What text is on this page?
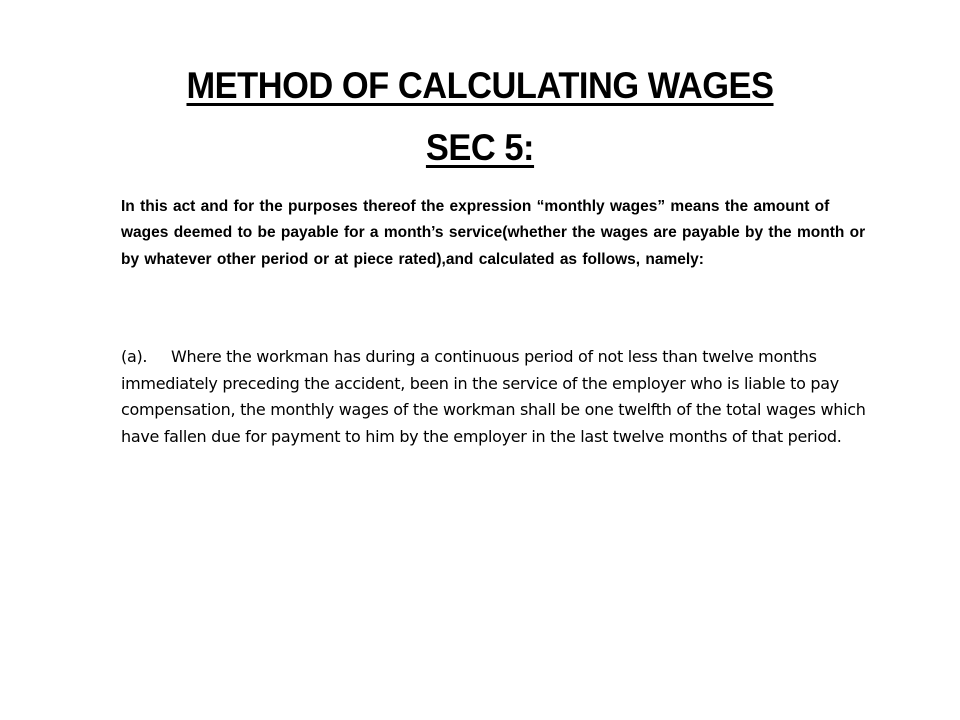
METHOD OF CALCULATING WAGES
SEC 5:

In this act and for the purposes thereof the expression “monthly wages” means the amount of wages deemed to be payable for a month’s service(whether the wages are payable by the month or by whatever other period or at piece rated),and calculated as follows, namely:

(a). Where the workman has during a continuous period of not less than twelve months immediately preceding the accident, been in the service of the employer who is liable to pay compensation, the monthly wages of the workman shall be one twelfth of the total wages which have fallen due for payment to him by the employer in the last twelve months of that period.
